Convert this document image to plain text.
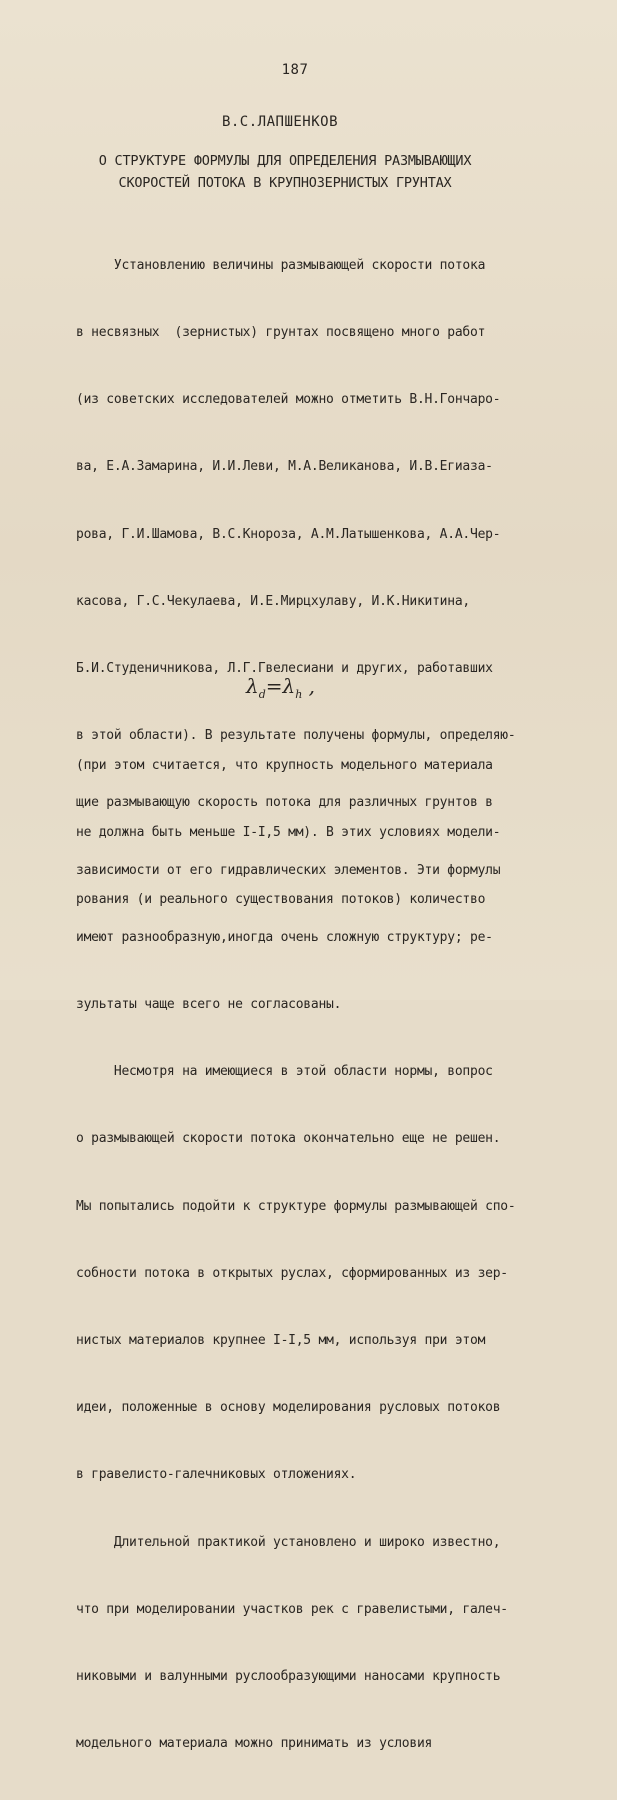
187
В.С.ЛАПШЕНКОВ
О СТРУКТУРЕ ФОРМУЛЫ ДЛЯ ОПРЕДЕЛЕНИЯ РАЗМЫВАЮЩИХ
СКОРОСТЕЙ ПОТОКА В КРУПНОЗЕРНИСТЫХ ГРУНТАХ

Установлению величины размывающей скорости потока

в несвязных  (зернистых) грунтах посвящено много работ

(из советских исследователей можно отметить В.Н.Гончаро-

ва, Е.А.Замарина, И.И.Леви, М.А.Великанова, И.В.Егиаза-

рова, Г.И.Шамова, В.С.Кнороза, А.М.Латышенкова, А.А.Чер-

касова, Г.С.Чекулаева, И.Е.Мирцхулаву, И.К.Никитина,

Б.И.Студеничникова, Л.Г.Гвелесиани и других, работавших

в этой области). В результате получены формулы, определяю-

щие размывающую скорость потока для различных грунтов в

зависимости от его гидравлических элементов. Эти формулы

имеют разнообразную,иногда очень сложную структуру; ре-

зультаты чаще всего не согласованы.

Несмотря на имеющиеся в этой области нормы, вопрос

о размывающей скорости потока окончательно еще не решен.

Мы попытались подойти к структуре формулы размывающей спо-

собности потока в открытых руслах, сформированных из зер-

нистых материалов крупнее I-I,5 мм, используя при этом

идеи, положенные в основу моделирования русловых потоков

в гравелисто-галечниковых отложениях.

Длительной практикой установлено и широко известно,

что при моделировании участков рек с гравелистыми, галеч-

никовыми и валунными руслообразующими наносами крупность

модельного материала можно принимать из условия

$\lambda_d=\lambda_h$ ,

(при этом считается, что крупность модельного материала

не должна быть меньше I-I,5 мм). В этих условиях модели-

рования (и реального существования потоков) количество
